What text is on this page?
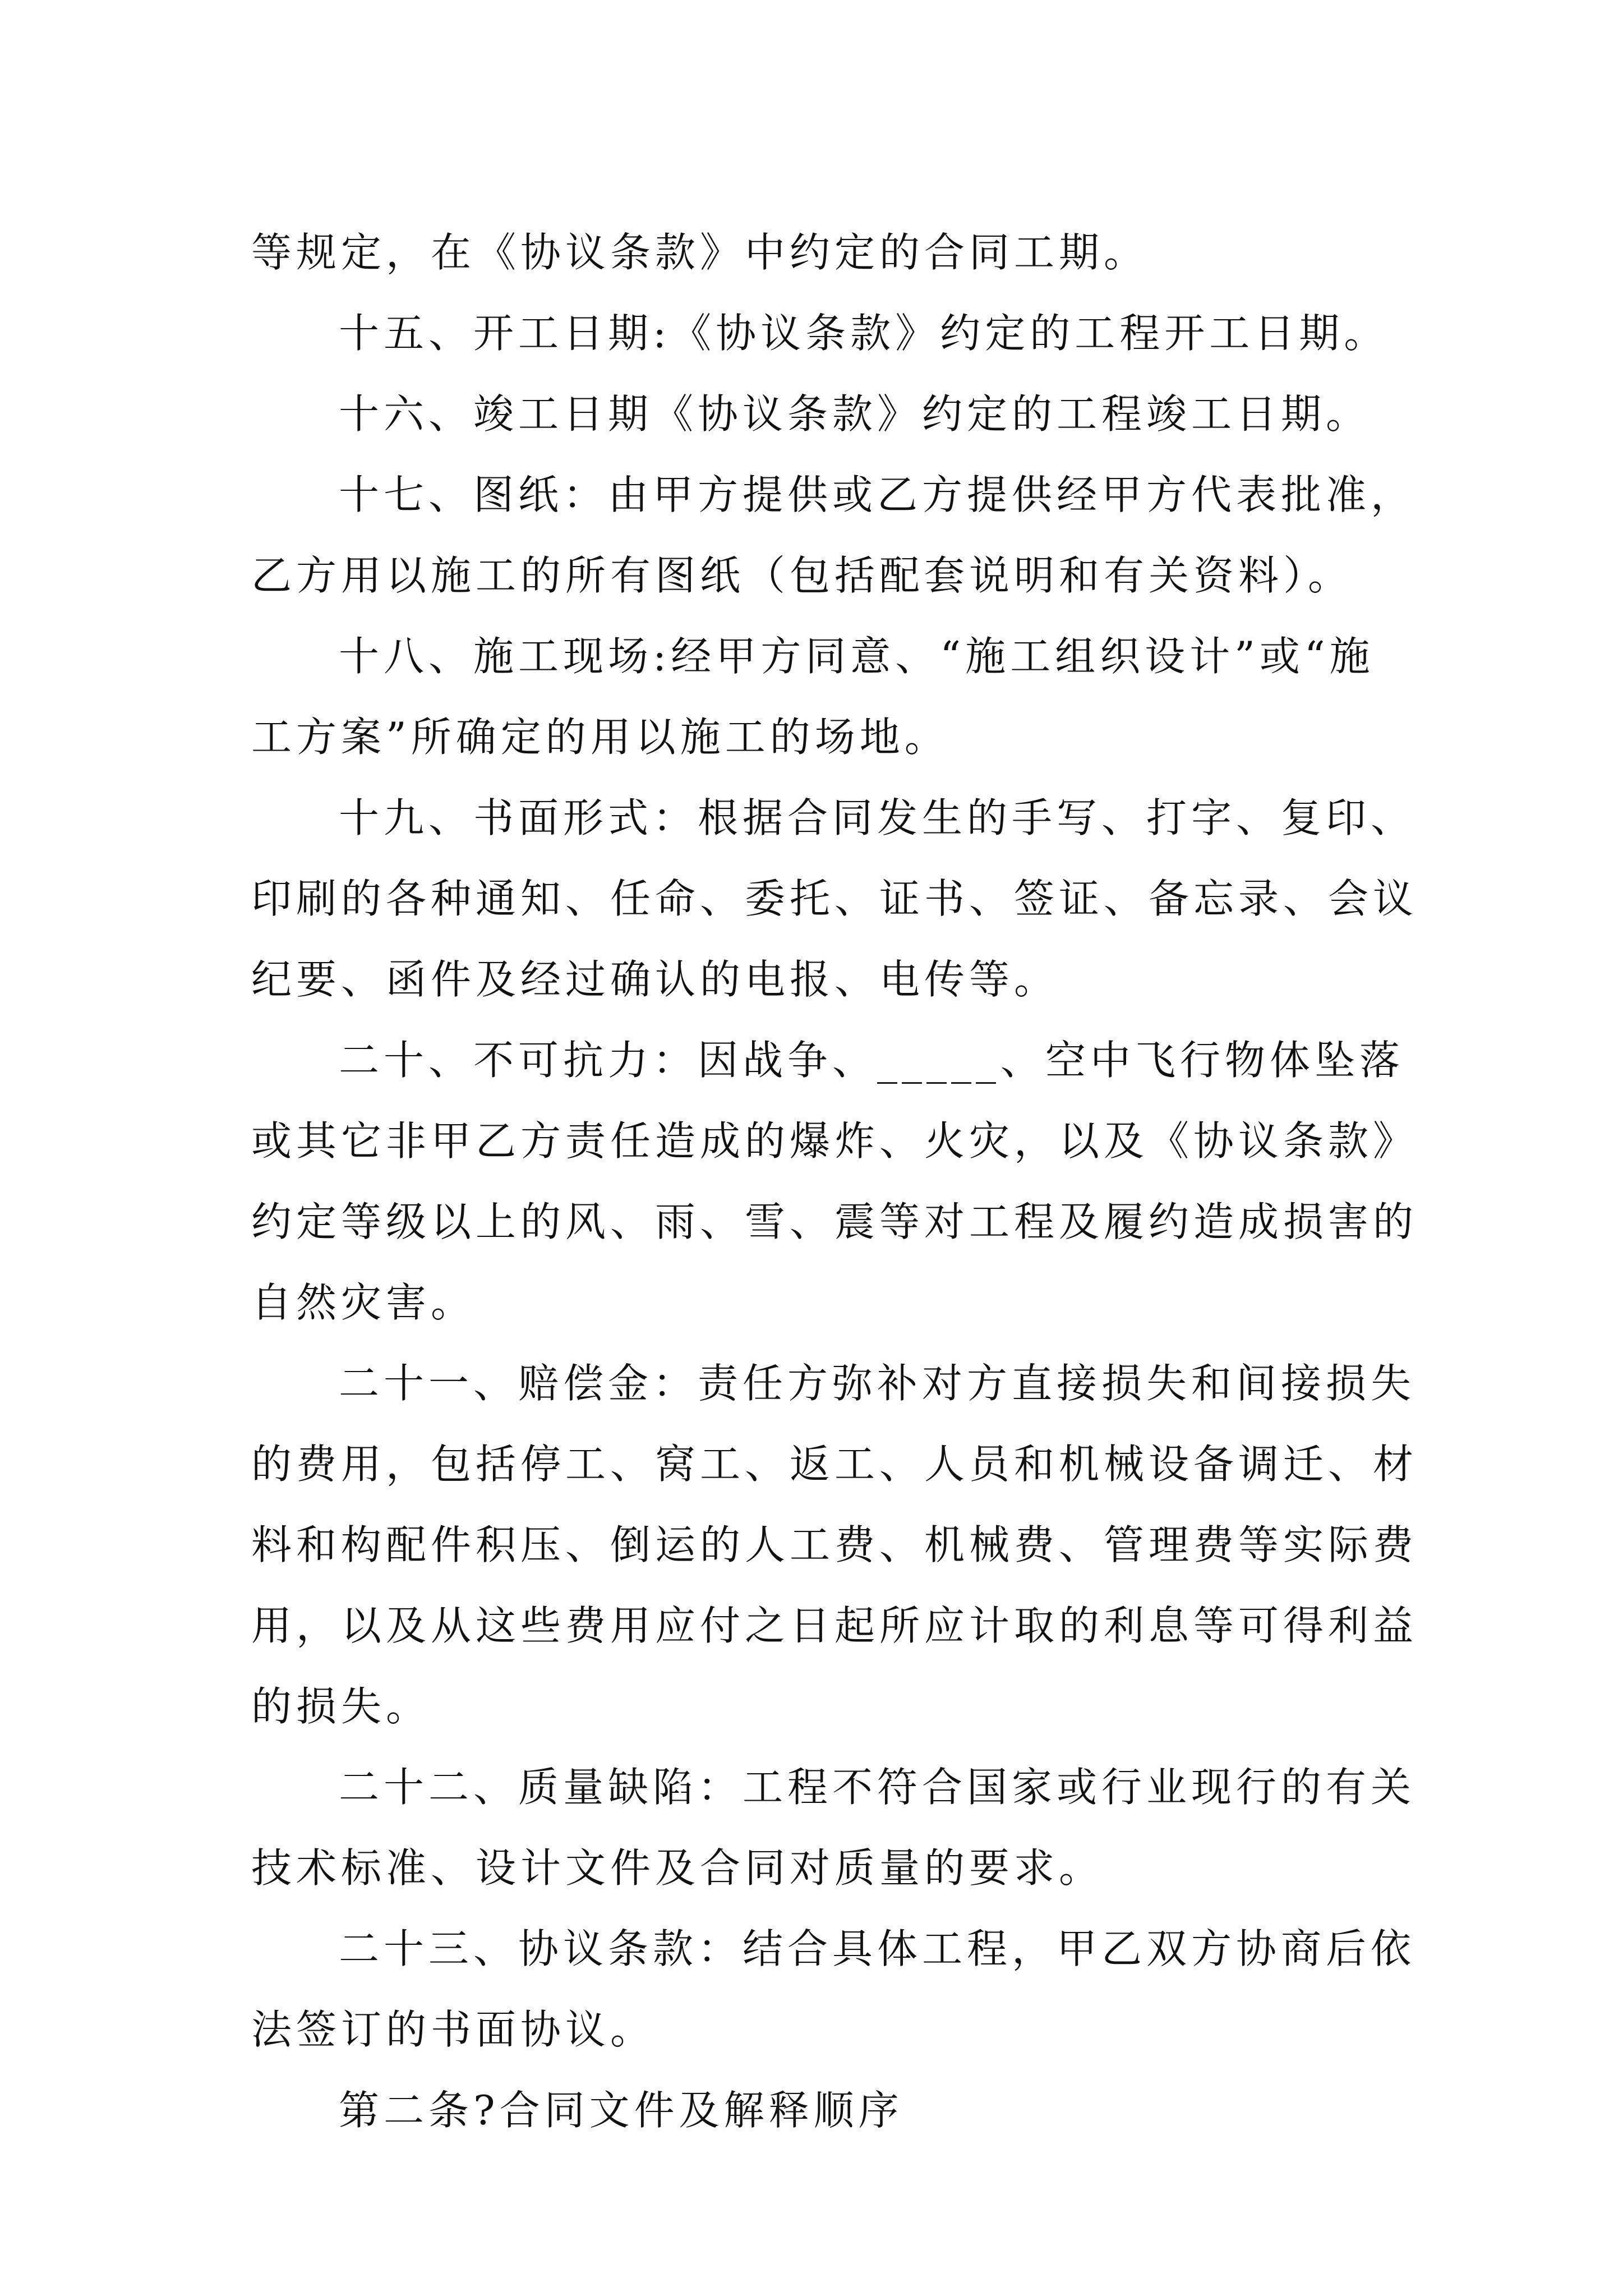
等规定，在《协议条款》中约定的合同工期。
十五、开工日期:《协议条款》约定的工程开工日期。
十六、竣工日期《协议条款》约定的工程竣工日期。
十七、图纸：由甲方提供或乙方提供经甲方代表批准，
乙方用以施工的所有图纸（包括配套说明和有关资料）。
十八、施工现场:经甲方同意、“施工组织设计”或“施
工方案”所确定的用以施工的场地。
十九、书面形式：根据合同发生的手写、打字、复印、
印刷的各种通知、任命、委托、证书、签证、备忘录、会议
纪要、函件及经过确认的电报、电传等。
二十、不可抗力：因战争、_____、空中飞行物体坠落
或其它非甲乙方责任造成的爆炸、火灾，以及《协议条款》
约定等级以上的风、雨、雪、震等对工程及履约造成损害的
自然灾害。
二十一、赔偿金：责任方弥补对方直接损失和间接损失
的费用，包括停工、窝工、返工、人员和机械设备调迁、材
料和构配件积压、倒运的人工费、机械费、管理费等实际费
用，以及从这些费用应付之日起所应计取的利息等可得利益
的损失。
二十二、质量缺陷：工程不符合国家或行业现行的有关
技术标准、设计文件及合同对质量的要求。
二十三、协议条款：结合具体工程，甲乙双方协商后依
法签订的书面协议。
第二条?合同文件及解释顺序
